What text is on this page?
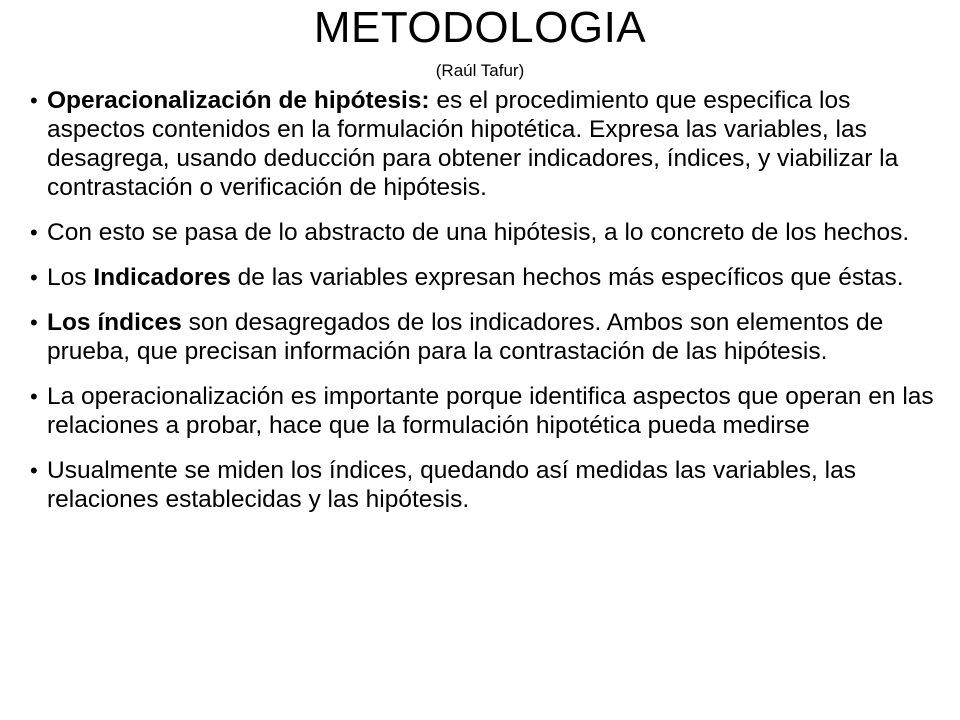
METODOLOGIA
(Raúl Tafur)
• Operacionalización de hipótesis: es el procedimiento que especifica los aspectos contenidos en la formulación hipotética. Expresa las variables, las desagrega, usando deducción para obtener indicadores, índices, y viabilizar la contrastación o verificación de hipótesis.
• Con esto se pasa de lo abstracto de una hipótesis, a lo concreto de los hechos.
• Los Indicadores de las variables expresan hechos más específicos que éstas.
• Los índices son desagregados de los indicadores. Ambos son elementos de prueba, que precisan información para la contrastación de las hipótesis.
• La operacionalización es importante porque identifica aspectos que operan en las relaciones a probar, hace que la formulación hipotética pueda medirse
• Usualmente se miden los índices, quedando así medidas las variables, las relaciones establecidas y las hipótesis.
